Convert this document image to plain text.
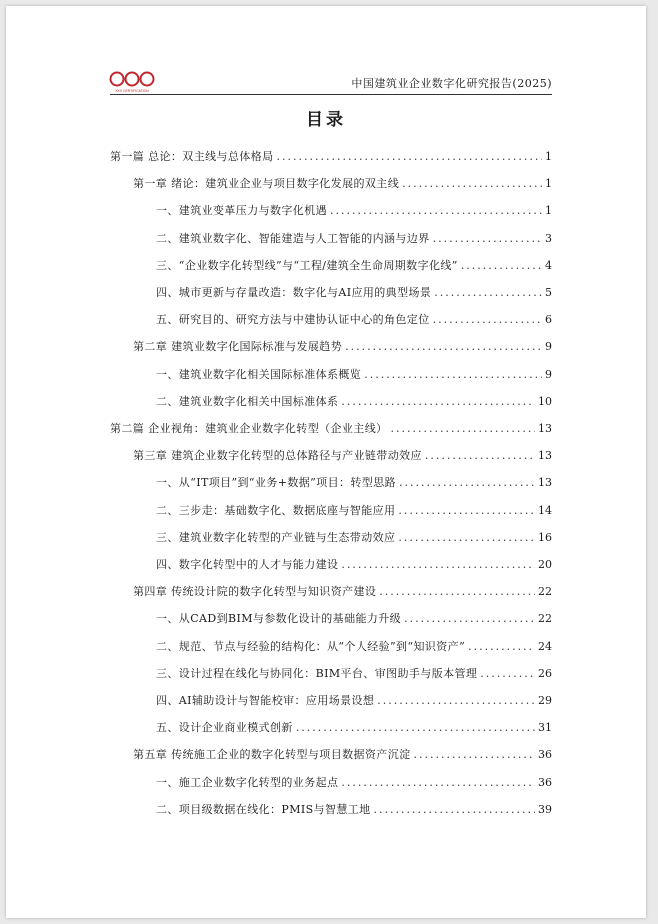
XXX CERTIFICATION
中国建筑业企业数字化研究报告(2025)
目录
第一篇 总论：双主线与总体格局 .....	1
第一章 绪论：建筑业企业与项目数字化发展的双主线 .....	1
一、建筑业变革压力与数字化机遇 .....	1
二、建筑业数字化、智能建造与人工智能的内涵与边界 .....	3
三、“企业数字化转型线”与“工程/建筑全生命周期数字化线” .....	4
四、城市更新与存量改造：数字化与AI应用的典型场景 .....	5
五、研究目的、研究方法与中建协认证中心的角色定位 .....	6
第二章 建筑业数字化国际标准与发展趋势 .....	9
一、建筑业数字化相关国际标准体系概览 .....	9
二、建筑业数字化相关中国标准体系 .....	10
第二篇 企业视角：建筑业企业数字化转型（企业主线） .....	13
第三章 建筑企业数字化转型的总体路径与产业链带动效应 .....	13
一、从“IT项目”到“业务+数据”项目：转型思路 .....	13
二、三步走：基础数字化、数据底座与智能应用 .....	14
三、建筑业数字化转型的产业链与生态带动效应 .....	16
四、数字化转型中的人才与能力建设 .....	20
第四章 传统设计院的数字化转型与知识资产建设 .....	22
一、从CAD到BIM与参数化设计的基础能力升级 .....	22
二、规范、节点与经验的结构化：从“个人经验”到“知识资产” .....	24
三、设计过程在线化与协同化：BIM平台、审图助手与版本管理 .....	26
四、AI辅助设计与智能校审：应用场景设想 .....	29
五、设计企业商业模式创新 .....	31
第五章 传统施工企业的数字化转型与项目数据资产沉淀 .....	36
一、施工企业数字化转型的业务起点 .....	36
二、项目级数据在线化：PMIS与智慧工地 .....	39
